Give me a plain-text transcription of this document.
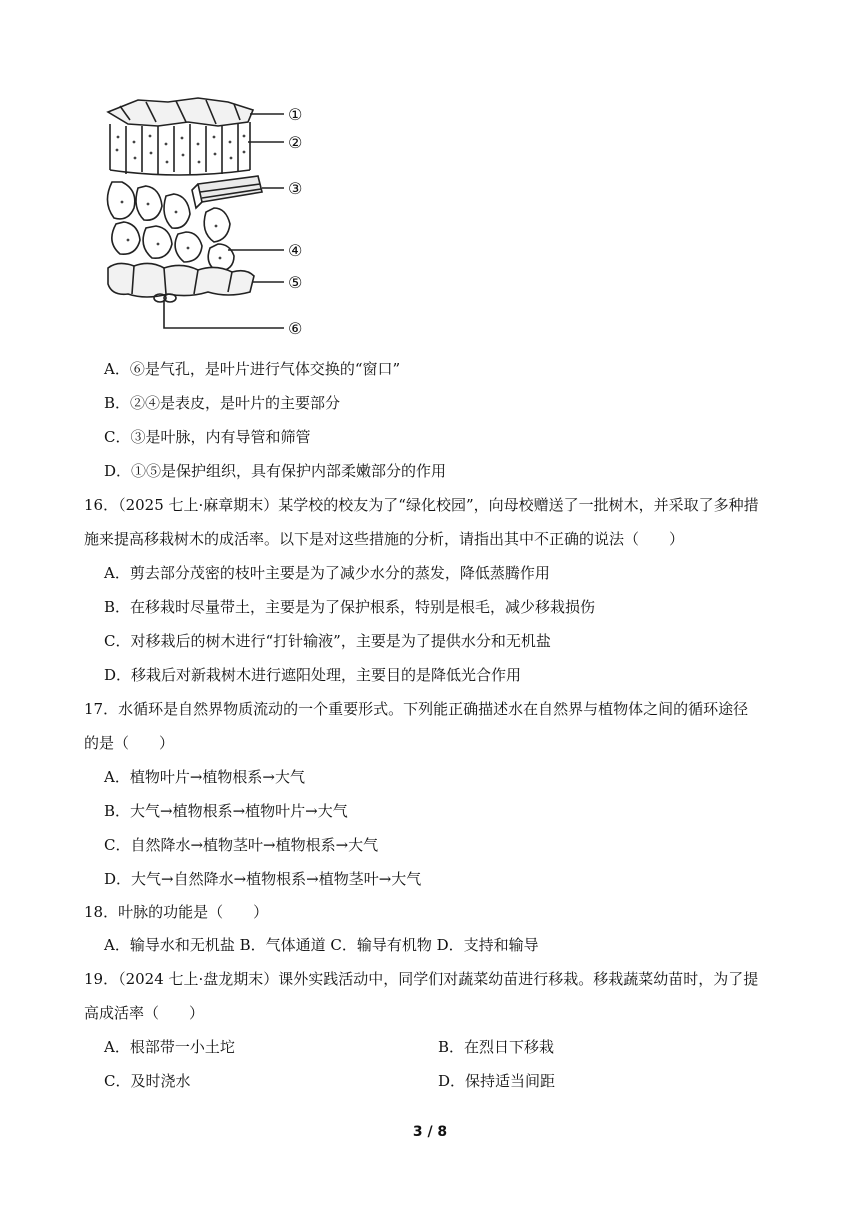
①
②
③
④
⑤
⑥
A．⑥是气孔，是叶片进行气体交换的“窗口”
B．②④是表皮，是叶片的主要部分
C．③是叶脉，内有导管和筛管
D．①⑤是保护组织，具有保护内部柔嫩部分的作用
16．（2025 七上·麻章期末）某学校的校友为了“绿化校园”，向母校赠送了一批树木，并采取了多种措
施来提高移栽树木的成活率。以下是对这些措施的分析，请指出其中不正确的说法（　　）
A．剪去部分茂密的枝叶主要是为了减少水分的蒸发，降低蒸腾作用
B．在移栽时尽量带土，主要是为了保护根系，特别是根毛，减少移栽损伤
C．对移栽后的树木进行“打针输液”，主要是为了提供水分和无机盐
D．移栽后对新栽树木进行遮阳处理，主要目的是降低光合作用
17．水循环是自然界物质流动的一个重要形式。下列能正确描述水在自然界与植物体之间的循环途径
的是（　　）
A．植物叶片→植物根系→大气
B．大气→植物根系→植物叶片→大气
C．自然降水→植物茎叶→植物根系→大气
D．大气→自然降水→植物根系→植物茎叶→大气
18．叶脉的功能是（　　）
A．输导水和无机盐 B．气体通道 C．输导有机物 D．支持和输导
19．（2024 七上·盘龙期末）课外实践活动中，同学们对蔬菜幼苗进行移栽。移栽蔬菜幼苗时，为了提
高成活率（　　）
A．根部带一小土坨	B．在烈日下移栽
C．及时浇水	D．保持适当间距
3 / 8
